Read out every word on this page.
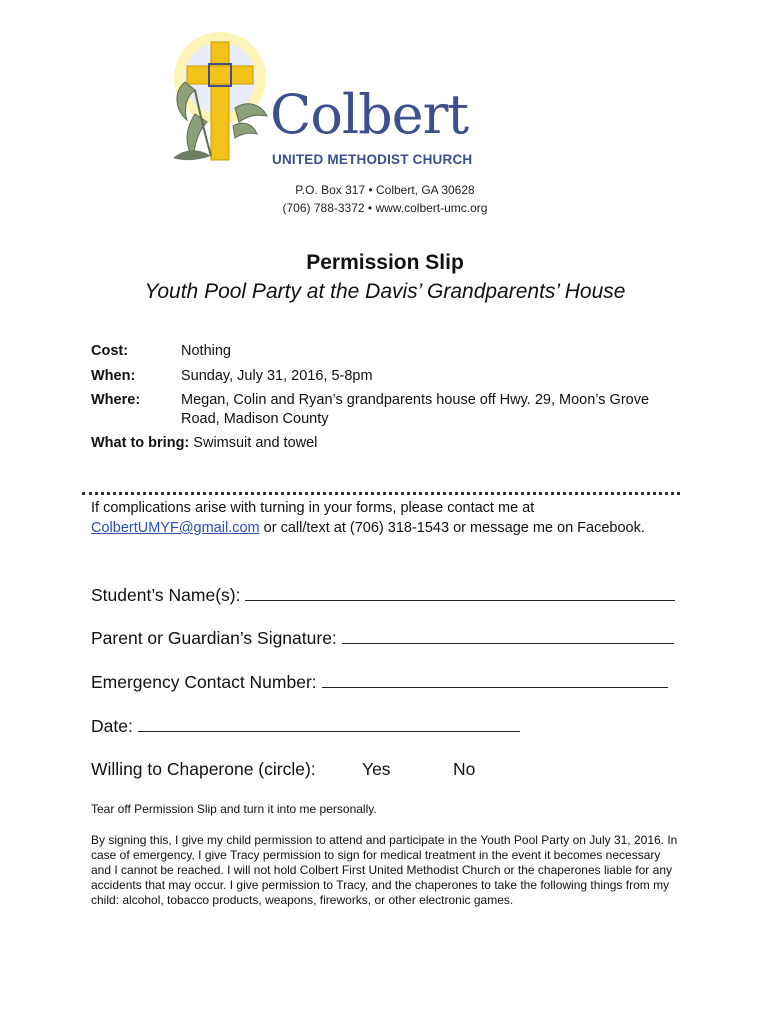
Colbert
UNITED METHODIST CHURCH
P.O. Box 317 • Colbert, GA 30628
(706) 788-3372 • www.colbert-umc.org
Permission Slip
Youth Pool Party at the Davis’ Grandparents’ House
Cost:	Nothing
When:	Sunday, July 31, 2016, 5-8pm
Where:	Megan, Colin and Ryan’s grandparents house off Hwy. 29, Moon’s Grove Road, Madison County
What to bring: Swimsuit and towel
If complications arise with turning in your forms, please contact me at
ColbertUMYF@gmail.com or call/text at (706) 318-1543 or message me on Facebook.
Student’s Name(s):
Parent or Guardian’s Signature:
Emergency Contact Number:
Date:
Willing to Chaperone (circle):	Yes	No
Tear off Permission Slip and turn it into me personally.
By signing this, I give my child permission to attend and participate in the Youth Pool Party on July 31, 2016. In case of emergency, I give Tracy permission to sign for medical treatment in the event it becomes necessary and I cannot be reached. I will not hold Colbert First United Methodist Church or the chaperones liable for any accidents that may occur. I give permission to Tracy, and the chaperones to take the following things from my child: alcohol, tobacco products, weapons, fireworks, or other electronic games.
